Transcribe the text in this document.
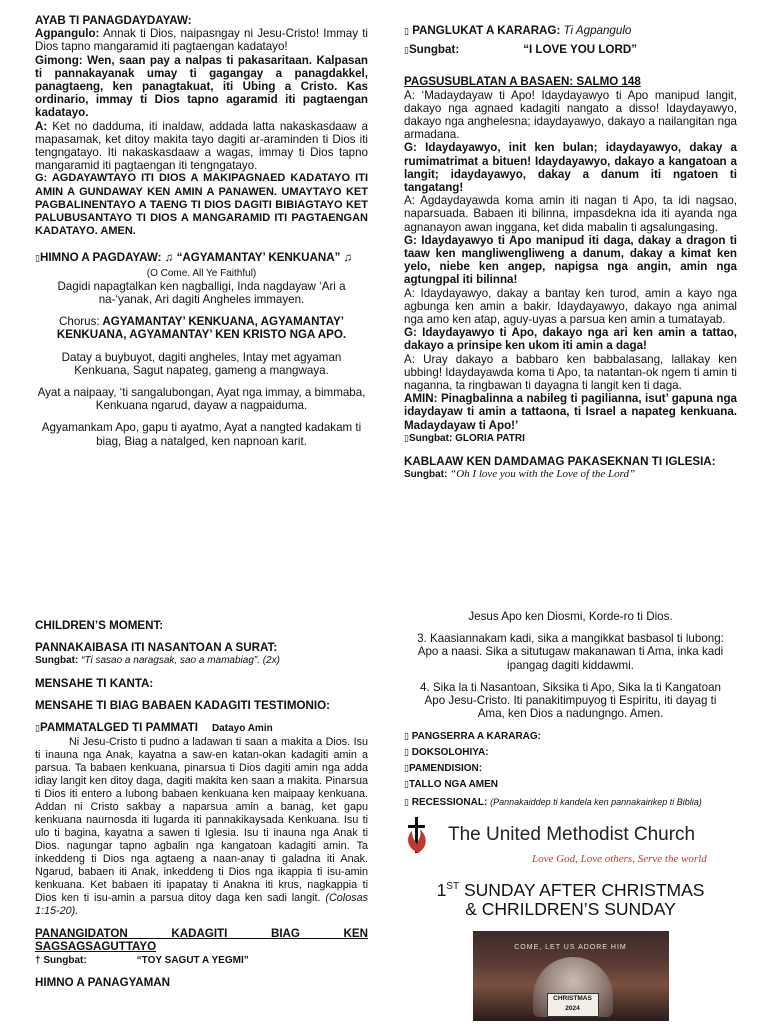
AYAB TI PANAGDAYDAYAW:

Agpangulo: Annak ti Dios, naipasngay ni Jesu-Cristo! Immay ti Dios tapno mangaramid iti pagtaengan kadatayo!

Gimong: Wen, saan pay a nalpas ti pakasaritaan. Kalpasan ti pannakayanak umay ti gagangay a panagdakkel, panagtaeng, ken panagtakuat, iti Ubing a Cristo. Kas ordinario, immay ti Dios tapno agaramid iti pagtaengan kadatayo.

A: Ket no dadduma, iti inaldaw, addada latta nakaskasdaaw a mapasamak, ket ditoy makita tayo dagiti ar-araminden ti Dios iti tengngatayo. Iti nakaskasdaaw a wagas, immay ti Dios tapno mangaramid iti pagtaengan iti tengngatayo.

G: AGDAYAWTAYO ITI DIOS A MAKIPAGNAED KADATAYO ITI AMIN A GUNDAWAY KEN AMIN A PANAWEN. UMAYTAYO KET PAGBALINENTAYO A TAENG TI DIOS DAGITI BIBIAGTAYO KET PALUBUSANTAYO TI DIOS A MANGARAMID ITI PAGTAENGAN KADATAYO. AMEN.

▯HIMNO A PAGDAYAW: ♫ “AGYAMANTAY’ KENKUANA” ♫

(O Come. All Ye Faithful)

Dagidi napagtalkan ken nagballigi, Inda nagdayaw ‘Ari a na-‘yanak, Ari dagiti Angheles immayen.

Chorus: AGYAMANTAY’ KENKUANA, AGYAMANTAY’ KENKUANA, AGYAMANTAY’ KEN KRISTO NGA APO.

Datay a buybuyot, dagiti angheles, Intay met agyaman Kenkuana, Sagut napateg, gameng a mangwaya.

Ayat a naipaay, ‘ti sangalubongan, Ayat nga immay, a bimmaba, Kenkuana ngarud, dayaw a nagpaiduma.

Agyamankam Apo, gapu ti ayatmo, Ayat a nangted kadakam ti biag, Biag a natalged, ken napnoan karit.

▯ PANGLUKAT A KARARAG: Ti Agpangulo

▯Sungbat:	“I LOVE YOU LORD”

PAGSUSUBLATAN A BASAEN: SALMO 148

A: ‘Madaydayaw ti Apo! Idaydayawyo ti Apo manipud langit, dakayo nga agnaed kadagiti nangato a disso! Idaydayawyo, dakayo nga anghelesna; idaydayawyo, dakayo a nailangitan nga armadana.

G: Idaydayawyo, init ken bulan; idaydayawyo, dakay a rumimatrimat a bituen! Idaydayawyo, dakayo a kangatoan a langit; idaydayawyo, dakay a danum iti ngatoen ti tangatang!

A: Agdaydayawda koma amin iti nagan ti Apo, ta idi nagsao, naparsuada. Babaen iti bilinna, impasdekna ida iti ayanda nga agnanayon awan inggana, ket dida mabalin ti agsalungasing.

G: Idaydayawyo ti Apo manipud iti daga, dakay a dragon ti taaw ken mangliwengliweng a danum, dakay a kimat ken yelo, niebe ken angep, napigsa nga angin, amin nga agtungpal iti bilinna!

A: Idaydayawyo, dakay a bantay ken turod, amin a kayo nga agbunga ken amin a bakir. Idaydayawyo, dakayo nga animal nga amo ken atap, aguy-uyas a parsua ken amin a tumatayab.

G: Idaydayawyo ti Apo, dakayo nga ari ken amin a tattao, dakayo a prinsipe ken ukom iti amin a daga!

A: Uray dakayo a babbaro ken babbalasang, lallakay ken ubbing! Idaydayawda koma ti Apo, ta natantan-ok ngem ti amin ti naganna, ta ringbawan ti dayagna ti langit ken ti daga.

AMIN: Pinagbalinna a nabileg ti pagilianna, isut’ gapuna nga idaydayaw ti amin a tattaona, ti Israel a napateg kenkuana. Madaydayaw ti Apo!’

▯Sungbat: GLORIA PATRI

KABLAAW KEN DAMDAMAG PAKASEKNAN TI IGLESIA:

Sungbat: “Oh I love you with the Love of the Lord”

CHILDREN’S MOMENT:

PANNAKAIBASA ITI NASANTOAN A SURAT:

Sungbat: “Ti sasao a naragsak, sao a mamabiag”. (2x)

MENSAHE TI KANTA:

MENSAHE TI BIAG BABAEN KADAGITI TESTIMONIO:

▯PAMMATALGED TI PAMMATI Datayo Amin

Ni Jesu-Cristo ti pudno a ladawan ti saan a makita a Dios. Isu ti inauna nga Anak, kayatna a saw-en katan-okan kadagiti amin a parsua. Ta babaen kenkuana, pinarsua ti Dios dagiti amin nga adda idiay langit ken ditoy daga, dagiti makita ken saan a makita. Pinarsua ti Dios iti entero a lubong babaen kenkuana ken maipaay kenkuana. Addan ni Cristo sakbay a naparsua amin a banag, ket gapu kenkuana naurnosda iti lugarda iti pannakikaysada Kenkuana. Isu ti ulo ti bagina, kayatna a sawen ti Iglesia. Isu ti inauna nga Anak ti Dios. nagungar tapno agbalin nga kangatoan kadagiti amin. Ta inkeddeng ti Dios nga agtaeng a naan-anay ti galadna iti Anak. Ngarud, babaen iti Anak, inkeddeng ti Dios nga ikappia ti isu-amin kenkuana. Ket babaen iti ipapatay ti Anakna iti krus, nagkappia ti Dios ken ti isu-amin a parsua ditoy daga ken sadi langit. (Colosas 1:15-20).

PANANGIDATON KADAGITI BIAG KEN SAGSAGSAGUTTAYO

† Sungbat:	“TOY SAGUT A YEGMI”

HIMNO A PANAGYAMAN

Jesus Apo ken Diosmi, Korde-ro ti Dios.

3. Kaasiannakam kadi, sika a mangikkat basbasol ti lubong: Apo a naasi. Sika a situtugaw makanawan ti Ama, inka kadi ipangag dagiti kiddawmi.

4. Sika la ti Nasantoan, Siksika ti Apo, Sika la ti Kangatoan Apo Jesu-Cristo. Iti panakitimpuyog ti Espiritu, iti dayag ti Ama, ken Dios a nadungngo. Amen.

▯ PANGSERRA A KARARAG:

▯ DOKSOLOHIYA:

▯PAMENDISION:

▯TALLO NGA AMEN

▯ RECESSIONAL: (Pannakaiddep ti kandela ken pannakairikep ti Biblia)

The United Methodist Church
Love God, Love others, Serve the world
1ST SUNDAY AFTER CHRISTMAS
& CHRILDREN’S SUNDAY
COME, LET US ADORE HIM
CHRISTMAS
2024
